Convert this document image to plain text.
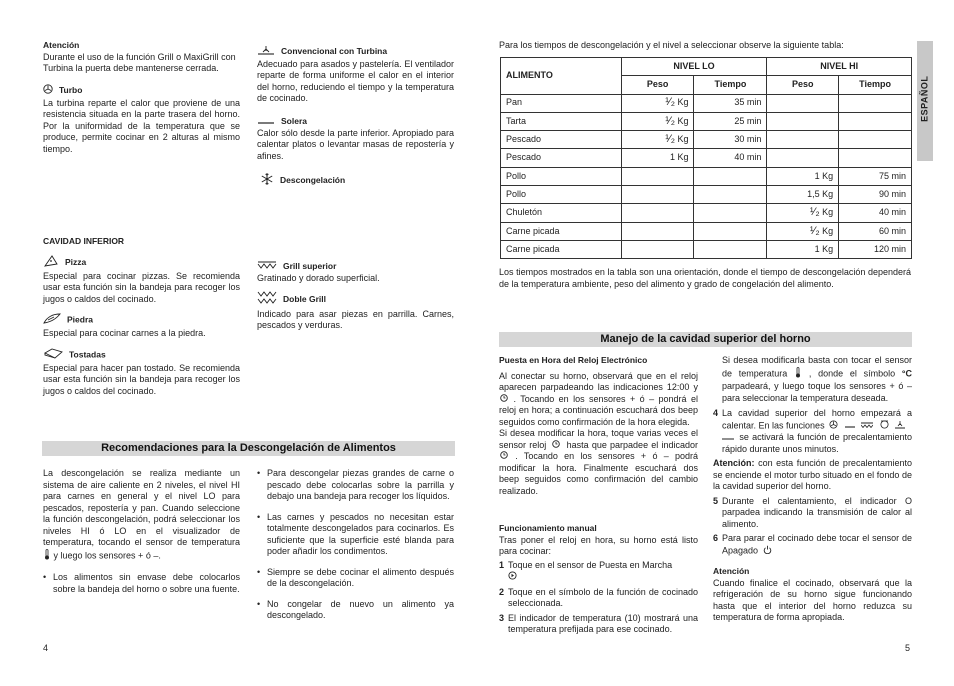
Atención

Durante el uso de la función Grill o MaxiGrill con Turbina la puerta debe mantenerse cerrada.

Turbo

La turbina reparte el calor que proviene de una resistencia situada en la parte trasera del horno. Por la uniformidad de la temperatura que se produce, permite cocinar en 2 alturas al mismo tiempo.

CAVIDAD INFERIOR

Pizza

Especial para cocinar pizzas. Se recomienda usar esta función sin la bandeja para recoger los jugos o caldos del cocinado.

Piedra

Especial para cocinar carnes a la piedra.

Tostadas

Especial para hacer pan tostado. Se recomienda usar esta función sin la bandeja para recoger los jugos o caldos del cocinado.

Convencional con Turbina

Adecuado para asados y pastelería. El ventilador reparte de forma uniforme el calor en el interior del horno, reduciendo el tiempo y la temperatura de cocinado.

Solera

Calor sólo desde la parte inferior. Apropiado para calentar platos o levantar masas de repostería y afines.

Descongelación

Grill superior

Gratinado y dorado superficial.

Doble Grill

Indicado para asar piezas en parrilla. Carnes, pescados y verduras.

Recomendaciones para la Descongelación de Alimentos

La descongelación se realiza mediante un sistema de aire caliente en 2 niveles, el nivel HI para carnes en general y el nivel LO para pescados, repostería y pan. Cuando seleccione la función descongelación, podrá seleccionar los niveles HI ó LO en el visualizador de temperatura, tocando el sensor de temperatura  y luego los sensores + ó –.

• Los alimentos sin envase debe colocarlos sobre la bandeja del horno o sobre una fuente.
• Para descongelar piezas grandes de carne o pescado debe colocarlas sobre la parrilla y debajo una bandeja para recoger los líquidos.
• Las carnes y pescados no necesitan estar totalmente descongelados para cocinarlos. Es suficiente que la superficie esté blanda para poder añadir los condimentos.
• Siempre se debe cocinar el alimento después de la descongelación.
• No congelar de nuevo un alimento ya descongelado.
4
ESPAÑOL
Para los tiempos de descongelación y el nivel a seleccionar observe la siguiente tabla:
ALIMENTO	NIVEL LO		NIVEL HI	
	Peso	Tiempo	Peso	Tiempo
Pan	¹⁄₂ Kg	35 min		
Tarta	¹⁄₂ Kg	25 min		
Pescado	¹⁄₂ Kg	30 min		
Pescado	1 Kg	40 min		
Pollo			1 Kg	75 min
Pollo			1,5 Kg	90 min
Chuletón			¹⁄₂ Kg	40 min
Carne picada			¹⁄₂ Kg	60 min
Carne picada			1 Kg	120 min
Los tiempos mostrados en la tabla son una orientación, donde el tiempo de descongelación dependerá de la temperatura ambiente, peso del alimento y grado de congelación del alimento.
Manejo de la cavidad superior del horno

Puesta en Hora del Reloj Electrónico

Al conectar su horno, observará que en el reloj aparecen parpadeando las indicaciones 12:00 y  . Tocando en los sensores + ó – pondrá el reloj en hora; a continuación escuchará dos beep seguidos como confirmación de la hora elegida.

Si desea modificar la hora, toque varias veces el sensor reloj hasta que parpadee el indicador  . Tocando en los sensores + ó – podrá modificar la hora. Finalmente escuchará dos beep seguidos como confirmación del cambio realizado.

Funcionamiento manual

Tras poner el reloj en hora, su horno está listo para cocinar:

1 Toque en el sensor de Puesta en Marcha

2 Toque en el símbolo de la función de cocinado seleccionada.
3 El indicador de temperatura (10) mostrará una temperatura prefijada para ese cocinado.

Si desea modificarla basta con tocar el sensor de temperatura , donde el símbolo °C parpadeará, y luego toque los sensores + ó – para seleccionar la temperatura deseada.

4 La cavidad superior del horno empezará a calentar. En las funciones
se activará la función de precalentamiento rápido durante unos minutos.

Atención: con esta función de precalentamiento se enciende el motor turbo situado en el fondo de la cavidad superior del horno.

5 Durante el calentamiento, el indicador O parpadea indicando la transmisión de calor al alimento.
6 Para parar el cocinado debe tocar el sensor de Apagado

Atención

Cuando finalice el cocinado, observará que la refrigeración de su horno sigue funcionando hasta que el interior del horno reduzca su temperatura de forma apropiada.

5
